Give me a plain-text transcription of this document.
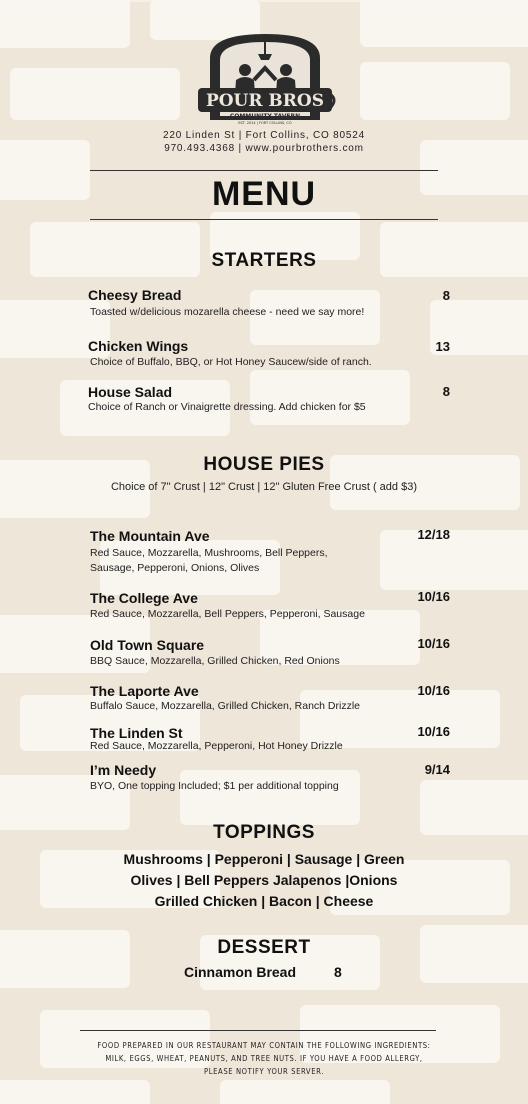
POUR BROS
COMMUNITY TAVERN
EST. 2014 | FORT COLLINS, CO
220 Linden St | Fort Collins, CO 80524
970.493.4368 | www.pourbrothers.com
MENU
STARTERS
Cheesy Bread	8
Toasted w/delicious mozarella cheese - need we say more!
Chicken Wings	13
Choice of Buffalo, BBQ, or Hot Honey Saucew/side of ranch.
House Salad	8
Choice of Ranch or Vinaigrette dressing. Add chicken for $5
HOUSE PIES
Choice of 7" Crust | 12" Crust | 12" Gluten Free Crust ( add $3)
The Mountain Ave	12/18
Red Sauce, Mozzarella, Mushrooms, Bell Peppers,
Sausage, Pepperoni, Onions, Olives
The College Ave	10/16
Red Sauce, Mozzarella, Bell Peppers, Pepperoni, Sausage
Old Town Square	10/16
BBQ Sauce, Mozzarella, Grilled Chicken, Red Onions
The Laporte Ave	10/16
Buffalo Sauce, Mozzarella, Grilled Chicken, Ranch Drizzle
The Linden St	10/16
Red Sauce, Mozzarella, Pepperoni, Hot Honey Drizzle
I’m Needy	9/14
BYO, One topping Included; $1 per additional topping
TOPPINGS
Mushrooms | Pepperoni | Sausage | Green
Olives | Bell Peppers Jalapenos |Onions
Grilled Chicken | Bacon | Cheese
DESSERT
Cinnamon Bread	8
FOOD PREPARED IN OUR RESTAURANT MAY CONTAIN THE FOLLOWING INGREDIENTS:
MILK, EGGS, WHEAT, PEANUTS, AND TREE NUTS. IF YOU HAVE A FOOD ALLERGY,
PLEASE NOTIFY YOUR SERVER.
